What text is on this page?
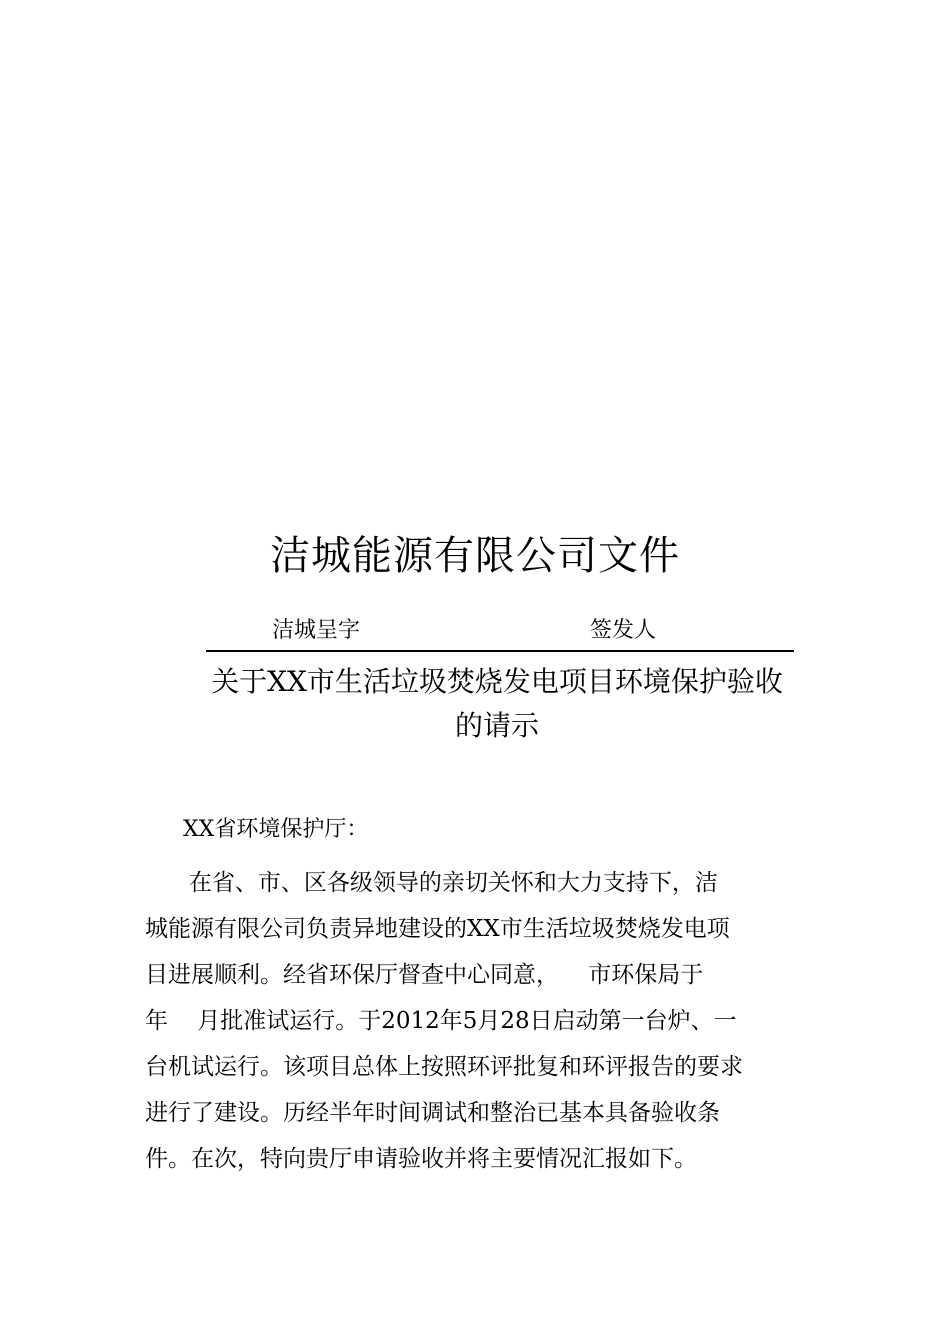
洁城能源有限公司文件
洁城呈字	签发人
关于XX市生活垃圾焚烧发电项目环境保护验收
的请示

XX省环境保护厅：

在省、市、区各级领导的亲切关怀和大力支持下，洁
城能源有限公司负责异地建设的XX市生活垃圾焚烧发电项
目进展顺利。经省环保厅督查中心同意，    市环保局于
年    月批准试运行。于2012年5月28日启动第一台炉、一
台机试运行。该项目总体上按照环评批复和环评报告的要求
进行了建设。历经半年时间调试和整治已基本具备验收条
件。在次，特向贵厅申请验收并将主要情况汇报如下。
